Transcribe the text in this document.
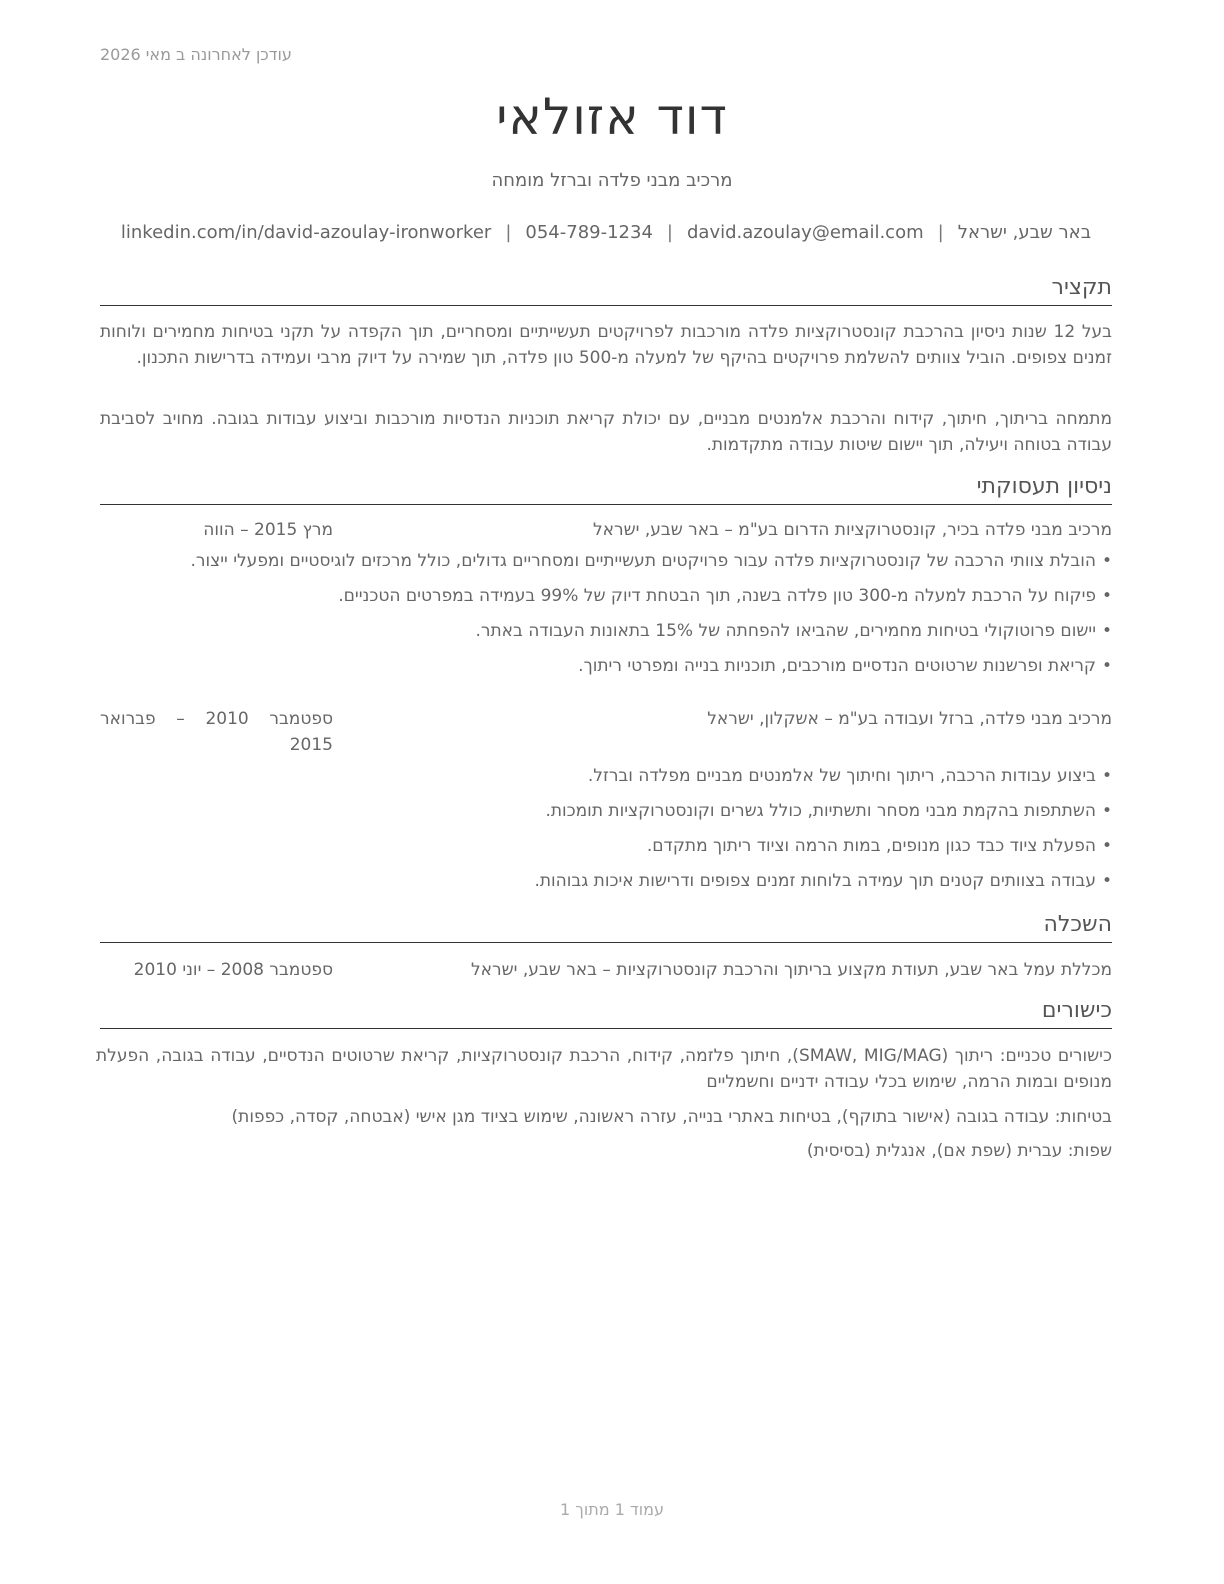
עודכן לאחרונה ב מאי 2026
דוד אזולאי
מרכיב מבני פלדה וברזל מומחה
באר שבע, ישראל
|
david.azoulay@email.com
|
054-789-1234
|
linkedin.com/in/david-azoulay-ironworker
תקציר
בעל 12 שנות ניסיון בהרכבת קונסטרוקציות פלדה מורכבות לפרויקטים תעשייתיים ומסחריים, תוך הקפדה על תקני בטיחות מחמירים ולוחות זמנים צפופים. הוביל צוותים להשלמת פרויקטים בהיקף של למעלה מ-500 טון פלדה, תוך שמירה על דיוק מרבי ועמידה בדרישות התכנון.
מתמחה בריתוך, חיתוך, קידוח והרכבת אלמנטים מבניים, עם יכולת קריאת תוכניות הנדסיות מורכבות וביצוע עבודות בגובה. מחויב לסביבת עבודה בטוחה ויעילה, תוך יישום שיטות עבודה מתקדמות.
ניסיון תעסוקתי
מרכיב מבני פלדה בכיר, קונסטרוקציות הדרום בע"מ – באר שבע, ישראל
מרץ 2015 – הווה
•
הובלת צוותי הרכבה של קונסטרוקציות פלדה עבור פרויקטים תעשייתיים ומסחריים גדולים, כולל מרכזים לוגיסטיים ומפעלי ייצור.
•
פיקוח על הרכבת למעלה מ-300 טון פלדה בשנה, תוך הבטחת דיוק של 99% בעמידה במפרטים הטכניים.
•
יישום פרוטוקולי בטיחות מחמירים, שהביאו להפחתה של 15% בתאונות העבודה באתר.
•
קריאת ופרשנות שרטוטים הנדסיים מורכבים, תוכניות בנייה ומפרטי ריתוך.
מרכיב מבני פלדה, ברזל ועבודה בע"מ – אשקלון, ישראל
ספטמבר 2010 – פברואר 2015
•
ביצוע עבודות הרכבה, ריתוך וחיתוך של אלמנטים מבניים מפלדה וברזל.
•
השתתפות בהקמת מבני מסחר ותשתיות, כולל גשרים וקונסטרוקציות תומכות.
•
הפעלת ציוד כבד כגון מנופים, במות הרמה וציוד ריתוך מתקדם.
•
עבודה בצוותים קטנים תוך עמידה בלוחות זמנים צפופים ודרישות איכות גבוהות.
השכלה
מכללת עמל באר שבע, תעודת מקצוע בריתוך והרכבת קונסטרוקציות – באר שבע, ישראל
ספטמבר 2008 – יוני 2010
כישורים
כישורים טכניים: ריתוך (SMAW, MIG/MAG), חיתוך פלזמה, קידוח, הרכבת קונסטרוקציות, קריאת שרטוטים הנדסיים, עבודה בגובה, הפעלת מנופים ובמות הרמה, שימוש בכלי עבודה ידניים וחשמליים
בטיחות: עבודה בגובה (אישור בתוקף), בטיחות באתרי בנייה, עזרה ראשונה, שימוש בציוד מגן אישי (אבטחה, קסדה, כפפות)
שפות: עברית (שפת אם), אנגלית (בסיסית)
עמוד 1 מתוך 1
